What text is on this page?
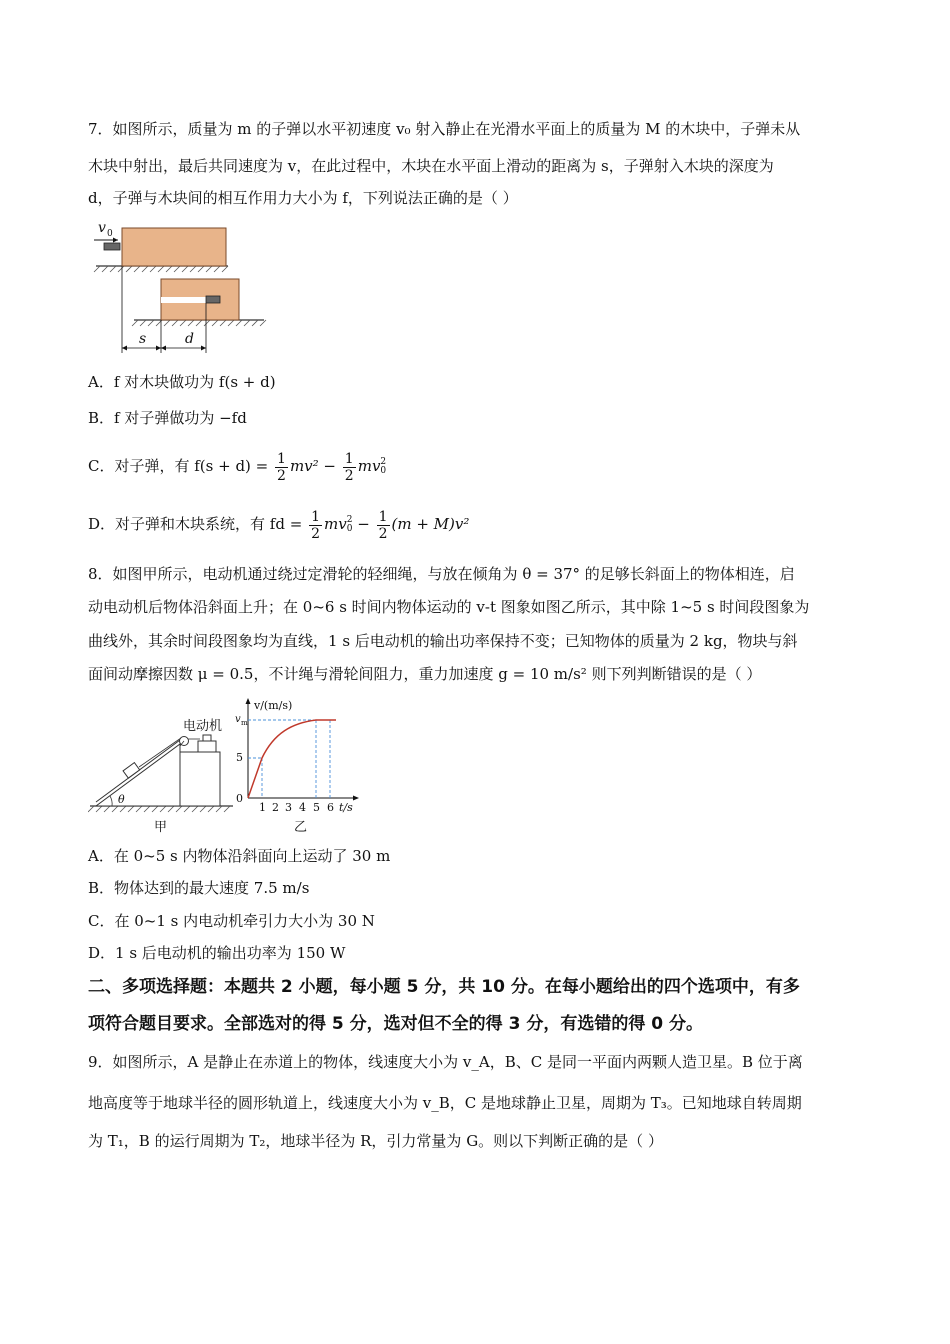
7．如图所示，质量为 m 的子弹以水平初速度 v₀ 射入静止在光滑水平面上的质量为 M 的木块中，子弹未从
木块中射出，最后共同速度为 v，在此过程中，木块在水平面上滑动的距离为 s，子弹射入木块的深度为
d，子弹与木块间的相互作用力大小为 f，下列说法正确的是（ ）
v 0
s	d
A．f 对木块做功为 f(s + d)
B．f 对子弹做功为 −fd
C．对子弹，有 $f(s + d) = \frac{1}{2} mv^2 - \frac{1}{2}$ mv 2
0
D．对子弹和木块系统，有 fd = $\frac{1}{2}$ mv 2
$0 - \frac{1}{2} (m + M)v^2$
8．如图甲所示，电动机通过绕过定滑轮的轻细绳，与放在倾角为 θ = 37° 的足够长斜面上的物体相连，启
动电动机后物体沿斜面上升；在 0~6 s 时间内物体运动的 v-t 图象如图乙所示，其中除 1~5 s 时间段图象为
曲线外，其余时间段图象均为直线，1 s 后电动机的输出功率保持不变；已知物体的质量为 2 kg，物块与斜
面间动摩擦因数 μ = 0.5，不计绳与滑轮间阻力，重力加速度 g = 10 m/s² 则下列判断错误的是（ ）
电动机
θ
甲
v/(m/s)
v m
5
0
1 2 3 4 5 6 t/s
乙
A．在 0~5 s 内物体沿斜面向上运动了 30 m
B．物体达到的最大速度 7.5 m/s
C．在 0~1 s 内电动机牵引力大小为 30 N
D．1 s 后电动机的输出功率为 150 W
二、多项选择题：本题共 2 小题，每小题 5 分，共 10 分。在每小题给出的四个选项中，有多
项符合题目要求。全部选对的得 5 分，选对但不全的得 3 分，有选错的得 0 分。
9．如图所示，A 是静止在赤道上的物体，线速度大小为 v_A，B、C 是同一平面内两颗人造卫星。B 位于离
地高度等于地球半径的圆形轨道上，线速度大小为 v_B，C 是地球静止卫星，周期为 T₃。已知地球自转周期
为 T₁，B 的运行周期为 T₂，地球半径为 R，引力常量为 G。则以下判断正确的是（ ）
